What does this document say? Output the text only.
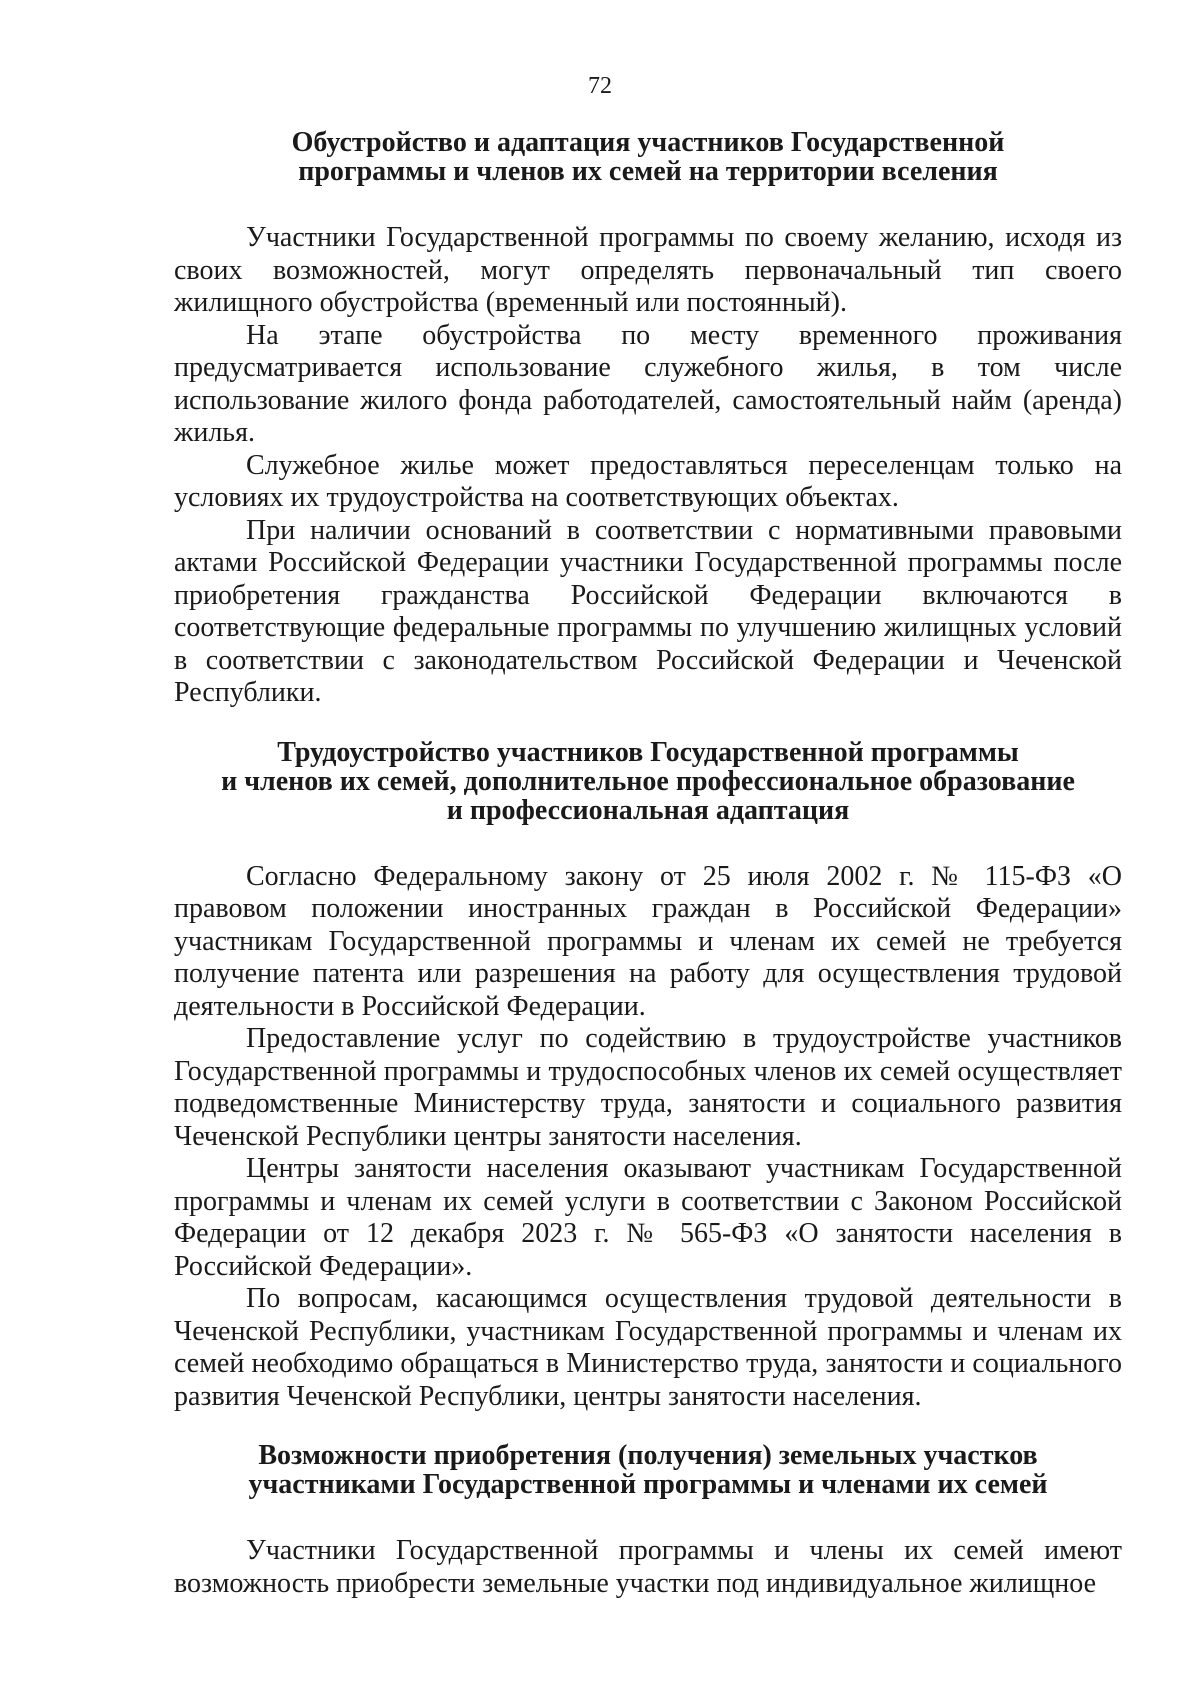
72
Обустройство и адаптация участников Государственной
программы и членов их семей на территории вселения

Участники Государственной программы по своему желанию, исходя из своих возможностей, могут определять первоначальный тип своего жилищного обустройства (временный или постоянный).

На этапе обустройства по месту временного проживания предусматривается использование служебного жилья, в том числе использование жилого фонда работодателей, самостоятельный найм (аренда) жилья.

Служебное жилье может предоставляться переселенцам только на условиях их трудоустройства на соответствующих объектах.

При наличии оснований в соответствии с нормативными правовыми актами Российской Федерации участники Государственной программы после приобретения гражданства Российской Федерации включаются в соответствующие федеральные программы по улучшению жилищных условий в соответствии с законодательством Российской Федерации и Чеченской Республики.

Трудоустройство участников Государственной программы
и членов их семей, дополнительное профессиональное образование
и профессиональная адаптация

Согласно Федеральному закону от 25 июля 2002 г. № 115-ФЗ «О правовом положении иностранных граждан в Российской Федерации» участникам Государственной программы и членам их семей не требуется получение патента или разрешения на работу для осуществления трудовой деятельности в Российской Федерации.

Предоставление услуг по содействию в трудоустройстве участников Государственной программы и трудоспособных членов их семей осуществляет подведомственные Министерству труда, занятости и социального развития Чеченской Республики центры занятости населения.

Центры занятости населения оказывают участникам Государственной программы и членам их семей услуги в соответствии с Законом Российской Федерации от 12 декабря 2023 г. № 565-ФЗ «О занятости населения в Российской Федерации».

По вопросам, касающимся осуществления трудовой деятельности в Чеченской Республики, участникам Государственной программы и членам их семей необходимо обращаться в Министерство труда, занятости и социального развития Чеченской Республики, центры занятости населения.

Возможности приобретения (получения) земельных участков
участниками Государственной программы и членами их семей

Участники Государственной программы и члены их семей имеют возможность приобрести земельные участки под индивидуальное жилищное
